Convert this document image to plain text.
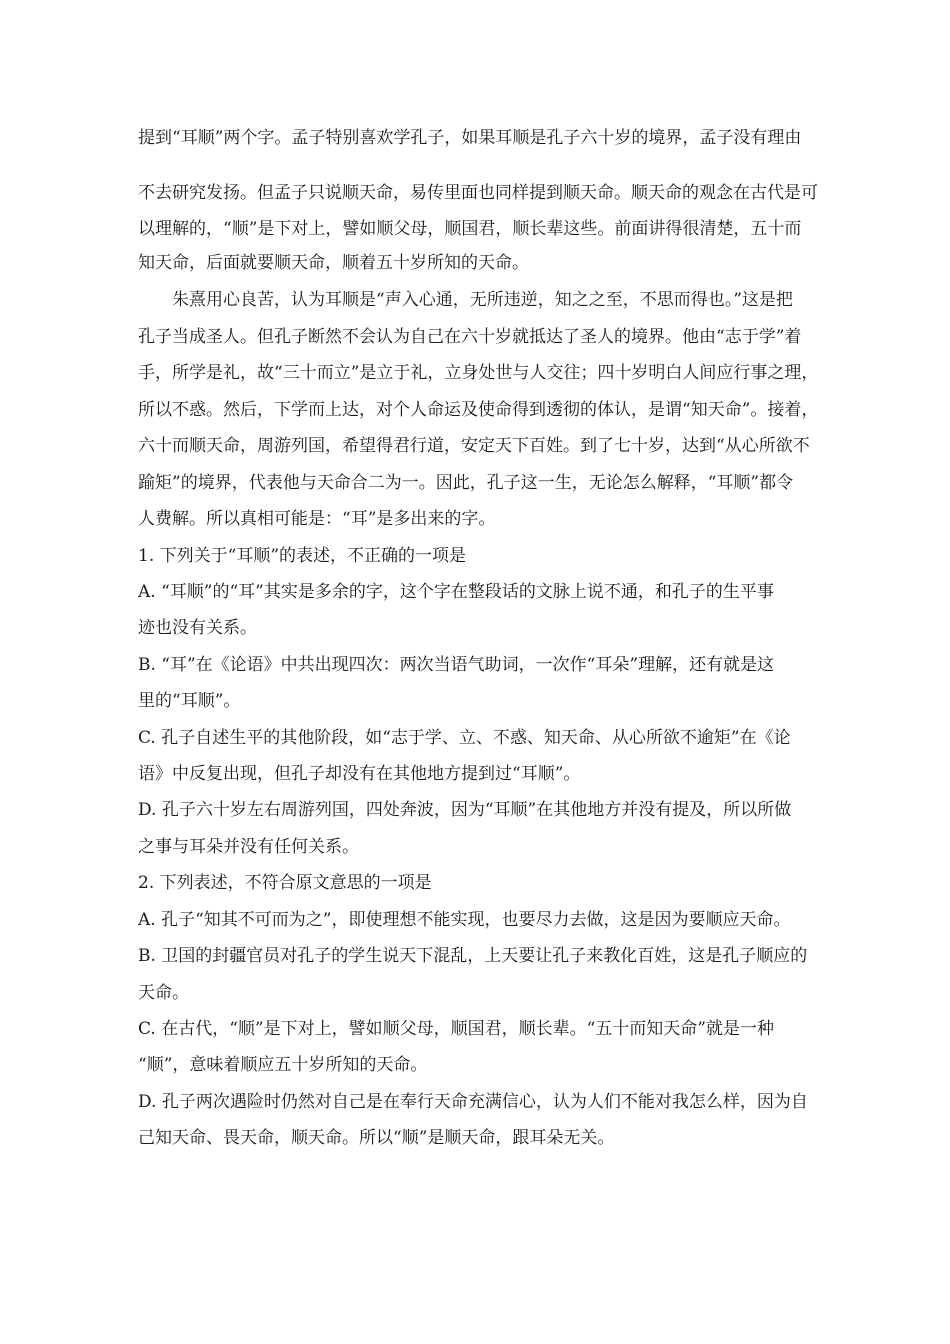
提到“耳顺”两个字。孟子特别喜欢学孔子，如果耳顺是孔子六十岁的境界，孟子没有理由
不去研究发扬。但孟子只说顺天命，易传里面也同样提到顺天命。顺天命的观念在古代是可
以理解的，“顺”是下对上，譬如顺父母，顺国君，顺长辈这些。前面讲得很清楚，五十而
知天命，后面就要顺天命，顺着五十岁所知的天命。
朱熹用心良苦，认为耳顺是“声入心通，无所违逆，知之之至，不思而得也。”这是把
孔子当成圣人。但孔子断然不会认为自己在六十岁就抵达了圣人的境界。他由“志于学”着
手，所学是礼，故“三十而立”是立于礼，立身处世与人交往；四十岁明白人间应行事之理，
所以不惑。然后，下学而上达，对个人命运及使命得到透彻的体认，是谓“知天命”。接着，
六十而顺天命，周游列国，希望得君行道，安定天下百姓。到了七十岁，达到“从心所欲不
踰矩”的境界，代表他与天命合二为一。因此，孔子这一生，无论怎么解释，“耳顺”都令
人费解。所以真相可能是：“耳”是多出来的字。
1. 下列关于“耳顺”的表述，不正确的一项是
A. “耳顺”的“耳”其实是多余的字，这个字在整段话的文脉上说不通，和孔子的生平事
迹也没有关系。
B. “耳”在《论语》中共出现四次：两次当语气助词，一次作“耳朵”理解，还有就是这
里的“耳顺”。
C. 孔子自述生平的其他阶段，如“志于学、立、不惑、知天命、从心所欲不逾矩”在《论
语》中反复出现，但孔子却没有在其他地方提到过“耳顺”。
D. 孔子六十岁左右周游列国，四处奔波，因为“耳顺”在其他地方并没有提及，所以所做
之事与耳朵并没有任何关系。
2. 下列表述，不符合原文意思的一项是
A. 孔子“知其不可而为之”，即使理想不能实现，也要尽力去做，这是因为要顺应天命。
B. 卫国的封疆官员对孔子的学生说天下混乱，上天要让孔子来教化百姓，这是孔子顺应的
天命。
C. 在古代，“顺”是下对上，譬如顺父母，顺国君，顺长辈。“五十而知天命”就是一种
“顺”，意味着顺应五十岁所知的天命。
D. 孔子两次遇险时仍然对自己是在奉行天命充满信心，认为人们不能对我怎么样，因为自
己知天命、畏天命，顺天命。所以“顺”是顺天命，跟耳朵无关。
